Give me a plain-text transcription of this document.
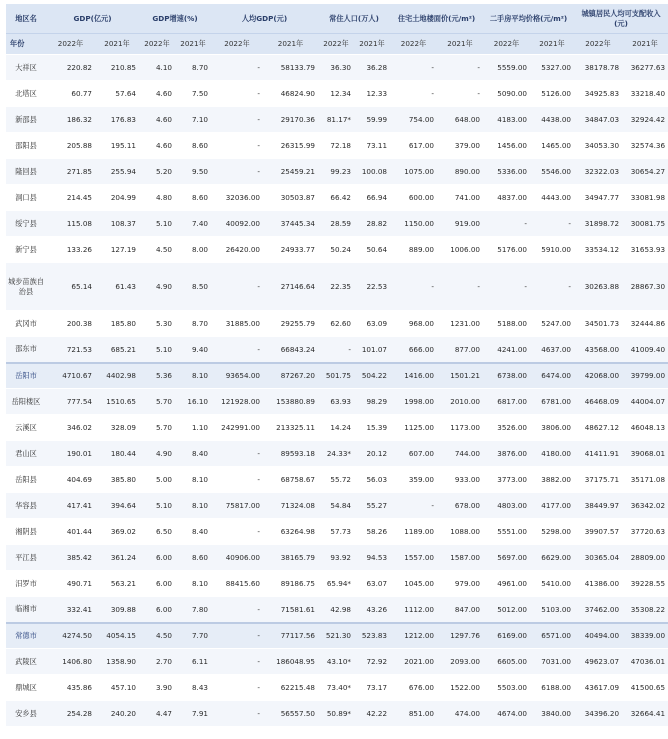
地区名	GDP(亿元)		GDP增速(%)		人均GDP(元)		常住人口(万人)		住宅土地楼面价(元/m²)		二手房平均价格(元/m²)		城镇居民人均可支配收入(元)	
年份	2022年	2021年	2022年	2021年	2022年	2021年	2022年	2021年	2022年	2021年	2022年	2021年	2022年	2021年
大祥区	220.82	210.85	4.10	8.70	-	58133.79	36.30	36.28	-	-	5559.00	5327.00	38178.78	36277.63
北塔区	60.77	57.64	4.60	7.50	-	46824.90	12.34	12.33	-	-	5090.00	5126.00	34925.83	33218.40
新邵县	186.32	176.83	4.60	7.10	-	29170.36	81.17*	59.99	754.00	648.00	4183.00	4438.00	34847.03	32924.42
邵阳县	205.88	195.11	4.60	8.60	-	26315.99	72.18	73.11	617.00	379.00	1456.00	1465.00	34053.30	32574.36
隆回县	271.85	255.94	5.20	9.50	-	25459.21	99.23	100.08	1075.00	890.00	5336.00	5546.00	32322.03	30654.27
洞口县	214.45	204.99	4.80	8.60	32036.00	30503.87	66.42	66.94	600.00	741.00	4837.00	4443.00	34947.77	33081.98
绥宁县	115.08	108.37	5.10	7.40	40092.00	37445.34	28.59	28.82	1150.00	919.00	-	-	31898.72	30081.75
新宁县	133.26	127.19	4.50	8.00	26420.00	24933.77	50.24	50.64	889.00	1006.00	5176.00	5910.00	33534.12	31653.93
城步苗族自治县	65.14	61.43	4.90	8.50	-	27146.64	22.35	22.53	-	-	-	-	30263.88	28867.30
武冈市	200.38	185.80	5.30	8.70	31885.00	29255.79	62.60	63.09	968.00	1231.00	5188.00	5247.00	34501.73	32444.86
邵东市	721.53	685.21	5.10	9.40	-	66843.24	-	101.07	666.00	877.00	4241.00	4637.00	43568.00	41009.40
岳阳市	4710.67	4402.98	5.36	8.10	93654.00	87267.20	501.75	504.22	1416.00	1501.21	6738.00	6474.00	42068.00	39799.00
岳阳楼区	777.54	1510.65	5.70	16.10	121928.00	153880.89	63.93	98.29	1998.00	2010.00	6817.00	6781.00	46468.09	44004.07
云溪区	346.02	328.09	5.70	1.10	242991.00	213325.11	14.24	15.39	1125.00	1173.00	3526.00	3806.00	48627.12	46048.13
君山区	190.01	180.44	4.90	8.40	-	89593.18	24.33*	20.12	607.00	744.00	3876.00	4180.00	41411.91	39068.01
岳阳县	404.69	385.80	5.00	8.10	-	68758.67	55.72	56.03	359.00	933.00	3773.00	3882.00	37175.71	35171.08
华容县	417.41	394.64	5.10	8.10	75817.00	71324.08	54.84	55.27	-	678.00	4803.00	4177.00	38449.97	36342.02
湘阴县	401.44	369.02	6.50	8.40	-	63264.98	57.73	58.26	1189.00	1088.00	5551.00	5298.00	39907.57	37720.63
平江县	385.42	361.24	6.00	8.60	40906.00	38165.79	93.92	94.53	1557.00	1587.00	5697.00	6629.00	30365.04	28809.00
汨罗市	490.71	563.21	6.00	8.10	88415.60	89186.75	65.94*	63.07	1045.00	979.00	4961.00	5410.00	41386.00	39228.55
临湘市	332.41	309.88	6.00	7.80	-	71581.61	42.98	43.26	1112.00	847.00	5012.00	5103.00	37462.00	35308.22
常德市	4274.50	4054.15	4.50	7.70	-	77117.56	521.30	523.83	1212.00	1297.76	6169.00	6571.00	40494.00	38339.00
武陵区	1406.80	1358.90	2.70	6.11	-	186048.95	43.10*	72.92	2021.00	2093.00	6605.00	7031.00	49623.07	47036.01
鼎城区	435.86	457.10	3.90	8.43	-	62215.48	73.40*	73.17	676.00	1522.00	5503.00	6188.00	43617.09	41500.65
安乡县	254.28	240.20	4.47	7.91	-	56557.50	50.89*	42.22	851.00	474.00	4674.00	3840.00	34396.20	32664.41
